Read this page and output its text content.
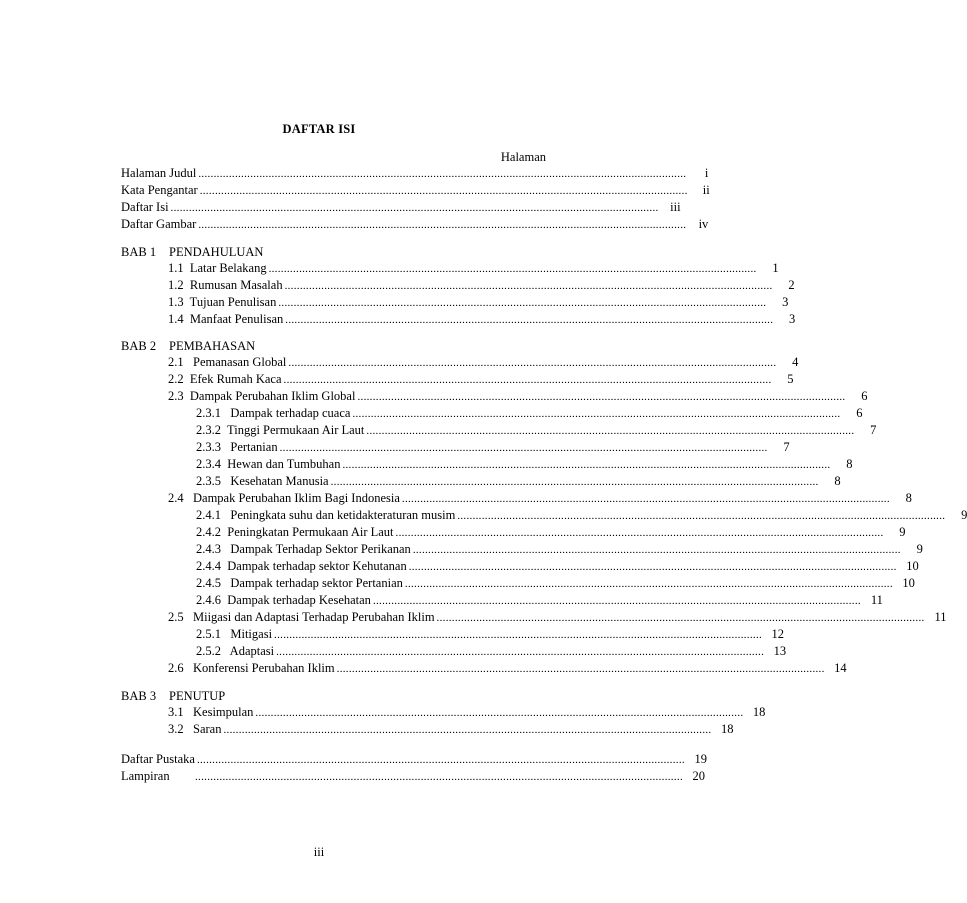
DAFTAR ISI
Halaman
Halaman Judul ................................................................................................................................................................	i
Kata Pengantar ................................................................................................................................................................	ii
Daftar Isi ................................................................................................................................................................ iii
Daftar Gambar ................................................................................................................................................................ iv
BAB 1 PENDAHULUAN
1.1  Latar Belakang ................................................................................................................................................................	1
1.2  Rumusan Masalah ................................................................................................................................................................	2
1.3  Tujuan Penulisan ................................................................................................................................................................	3
1.4  Manfaat Penulisan ................................................................................................................................................................	3
BAB 2 PEMBAHASAN
2.1   Pemanasan Global ................................................................................................................................................................	4
2.2  Efek Rumah Kaca ................................................................................................................................................................	5
2.3  Dampak Perubahan Iklim Global ................................................................................................................................................................	6
2.3.1   Dampak terhadap cuaca ................................................................................................................................................................	6
2.3.2  Tinggi Permukaan Air Laut ................................................................................................................................................................	7
2.3.3   Pertanian ................................................................................................................................................................	7
2.3.4  Hewan dan Tumbuhan ................................................................................................................................................................	8
2.3.5   Kesehatan Manusia ................................................................................................................................................................	8
2.4   Dampak Perubahan Iklim Bagi Indonesia ................................................................................................................................................................	8
2.4.1   Peningkata suhu dan ketidakteraturan musim ................................................................................................................................................................	9
2.4.2  Peningkatan Permukaan Air Laut ................................................................................................................................................................	9
2.4.3   Dampak Terhadap Sektor Perikanan ................................................................................................................................................................	9
2.4.4  Dampak terhadap sektor Kehutanan ................................................................................................................................................................ 10
2.4.5   Dampak terhadap sektor Pertanian ................................................................................................................................................................ 10
2.4.6  Dampak terhadap Kesehatan ................................................................................................................................................................ 11
2.5   Miigasi dan Adaptasi Terhadap Perubahan Iklim ................................................................................................................................................................ 11
2.5.1   Mitigasi ................................................................................................................................................................ 12
2.5.2   Adaptasi ................................................................................................................................................................ 13
2.6   Konferensi Perubahan Iklim ................................................................................................................................................................ 14
BAB 3 PENUTUP
3.1   Kesimpulan ................................................................................................................................................................ 18
3.2   Saran ................................................................................................................................................................ 18
Daftar Pustaka ................................................................................................................................................................ 19
Lampiran	................................................................................................................................................................ 20
iii
